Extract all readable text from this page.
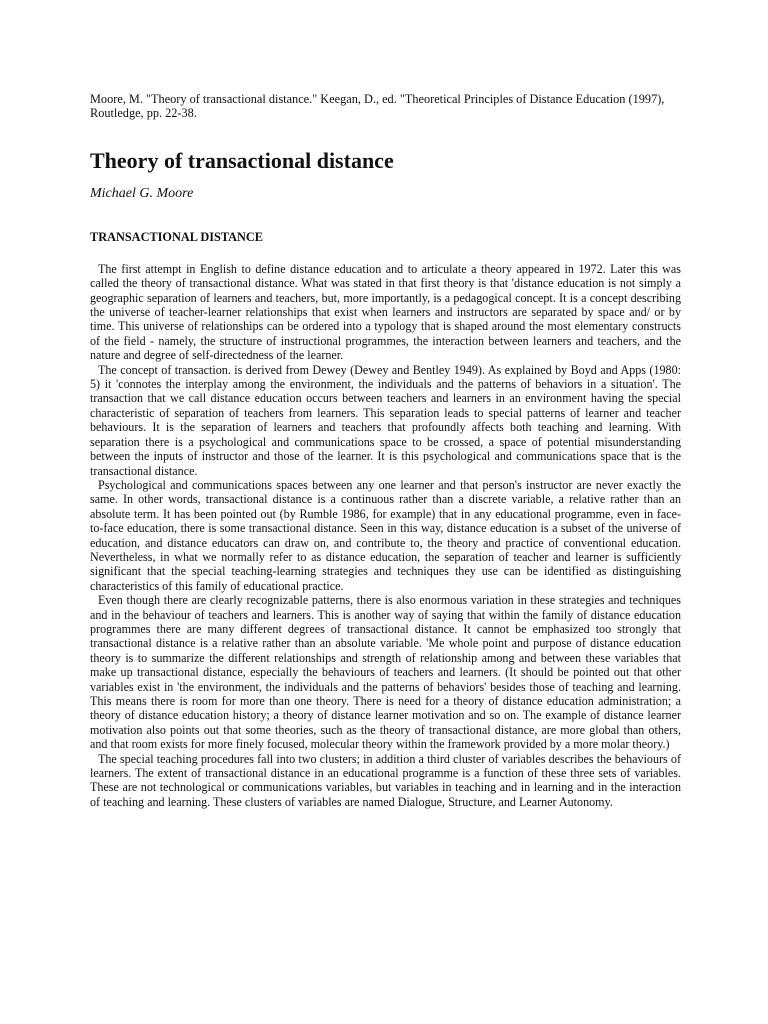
Moore, M. "Theory of transactional distance." Keegan, D., ed. "Theoretical Principles of Distance Education (1997), Routledge, pp. 22-38.

Theory of transactional distance

Michael G. Moore

TRANSACTIONAL DISTANCE

The first attempt in English to define distance education and to articulate a theory appeared in 1972. Later this was called the theory of transactional distance. What was stated in that first theory is that 'distance education is not simply a geographic separation of learners and teachers, but, more importantly, is a pedagogical concept. It is a concept describing the universe of teacher-learner relationships that exist when learners and instructors are separated by space and/ or by time. This universe of relationships can be ordered into a typology that is shaped around the most elementary constructs of the field - namely, the structure of instructional programmes, the interaction between learners and teachers, and the nature and degree of self-directedness of the learner.

The concept of transaction. is derived from Dewey (Dewey and Bentley 1949). As explained by Boyd and Apps (1980: 5) it 'connotes the interplay among the environment, the individuals and the patterns of behaviors in a situation'. The transaction that we call distance education occurs between teachers and learners in an environment having the special characteristic of separation of teachers from learners. This separation leads to special patterns of learner and teacher behaviours. It is the separation of learners and teachers that profoundly affects both teaching and learning. With separation there is a psychological and communications space to be crossed, a space of potential misunderstanding between the inputs of instructor and those of the learner. It is this psychological and communications space that is the transactional distance.

Psychological and communications spaces between any one learner and that person's instructor are never exactly the same. In other words, transactional distance is a continuous rather than a discrete variable, a relative rather than an absolute term. It has been pointed out (by Rumble 1986, for example) that in any educational programme, even in face-to-face education, there is some transactional distance. Seen in this way, distance education is a subset of the universe of education, and distance educators can draw on, and contribute to, the theory and practice of conventional education. Nevertheless, in what we normally refer to as distance education, the separation of teacher and learner is sufficiently significant that the special teaching-learning strategies and techniques they use can be identified as distinguishing characteristics of this family of educational practice.

Even though there are clearly recognizable patterns, there is also enormous variation in these strategies and techniques and in the behaviour of teachers and learners. This is another way of saying that within the family of distance education programmes there are many different degrees of transactional distance. It cannot be emphasized too strongly that transactional distance is a relative rather than an absolute variable. 'Me whole point and purpose of distance education theory is to summarize the different relationships and strength of relationship among and between these variables that make up transactional distance, especially the behaviours of teachers and learners. (It should be pointed out that other variables exist in 'the environment, the individuals and the patterns of behaviors' besides those of teaching and learning. This means there is room for more than one theory. There is need for a theory of distance education administration; a theory of distance education history; a theory of distance learner motivation and so on. The example of distance learner motivation also points out that some theories, such as the theory of transactional distance, are more global than others, and that room exists for more finely focused, molecular theory within the framework provided by a more molar theory.)

The special teaching procedures fall into two clusters; in addition a third cluster of variables describes the behaviours of learners. The extent of transactional distance in an educational programme is a function of these three sets of variables. These are not technological or communications variables, but variables in teaching and in learning and in the interaction of teaching and learning. These clusters of variables are named Dialogue, Structure, and Learner Autonomy.
